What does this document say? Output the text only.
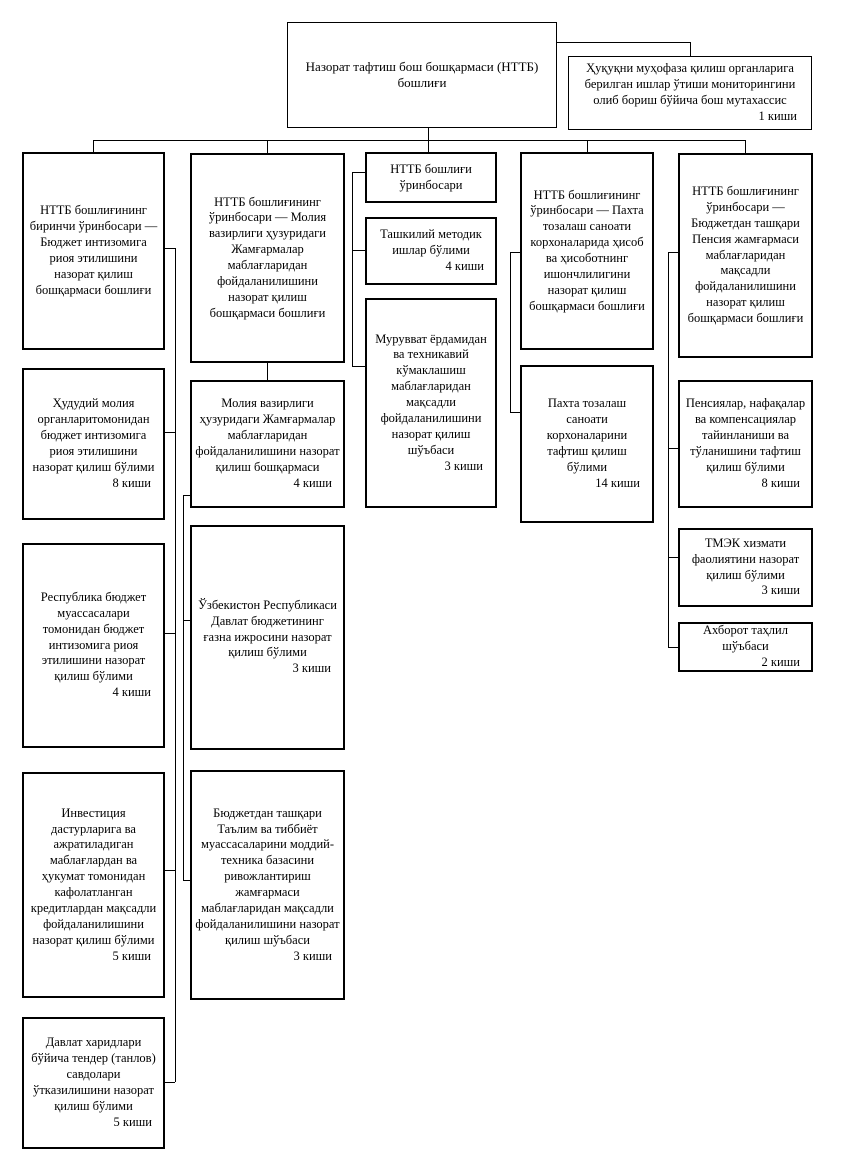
Назорат тафтиш бош бошқармаси (НТТБ) бошлиғи
Ҳуқуқни муҳофаза қилиш органларига берилган ишлар ўтиши мониторингини олиб бориш бўйича бош мутахассис
1 киши
НТТБ бошлиғининг биринчи ўринбосари — Бюджет интизомига риоя этилишини назорат қилиш бошқармаси бошлиғи
Ҳудудий молия органларитомонидан бюджет интизомига риоя этилишини назорат қилиш бўлими
8 киши
Республика бюджет муассасалари томонидан бюджет интизомига риоя этилишини назорат қилиш бўлими
4 киши
Инвестиция дастурларига ва ажратиладиган маблағлардан ва ҳукумат томонидан кафолатланган кредитлардан мақсадли фойдаланилишини назорат қилиш бўлими
5 киши
Давлат харидлари бўйича тендер (танлов) савдолари ўтказилишини назорат қилиш бўлими
5 киши
НТТБ бошлиғининг ўринбосари — Молия вазирлиги ҳузуридаги Жамғармалар маблағларидан фойдаланилишини назорат қилиш бошқармаси бошлиғи
Молия вазирлиги ҳузуридаги Жамғармалар маблағларидан фойдаланилишини назорат қилиш бошқармаси
4 киши
Ўзбекистон Республикаси Давлат бюджетининг ғазна ижросини назорат қилиш бўлими
3 киши
Бюджетдан ташқари Таълим ва тиббиёт муассасаларини моддий-техника базасини ривожлантириш жамғармаси маблағларидан мақсадли фойдаланилишини назорат қилиш шўъбаси
3 киши
НТТБ бошлиғи ўринбосари
Ташкилий методик ишлар бўлими
4 киши
Мурувват ёрдамидан ва техникавий кўмаклашиш маблағларидан мақсадли фойдаланилишини назорат қилиш шўъбаси
3 киши
НТТБ бошлиғининг ўринбосари — Пахта тозалаш саноати корхоналарида ҳисоб ва ҳисоботнинг ишончлилигини назорат қилиш бошқармаси бошлиғи
Пахта тозалаш саноати корхоналарини тафтиш қилиш бўлими
14 киши
НТТБ бошлиғининг ўринбосари — Бюджетдан ташқари Пенсия жамғармаси маблағларидан мақсадли фойдаланилишини назорат қилиш бошқармаси бошлиғи
Пенсиялар, нафақалар ва компенсациялар тайинланиши ва тўланишини тафтиш қилиш бўлими
8 киши
ТМЭК хизмати фаолиятини назорат қилиш бўлими
3 киши
Ахборот таҳлил шўъбаси
2 киши
